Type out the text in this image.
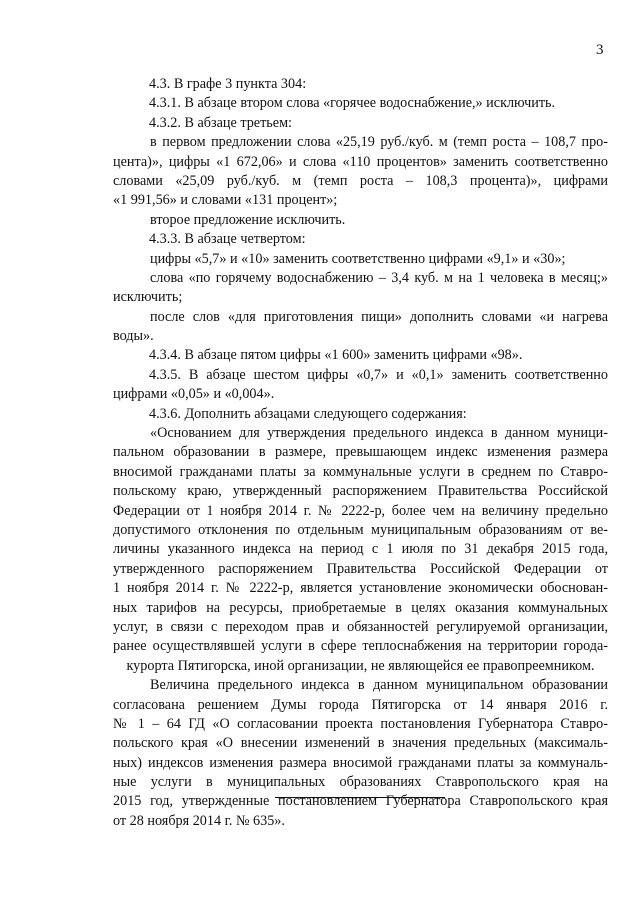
3
4.3. В графе 3 пункта 304:
4.3.1. В абзаце втором слова «горячее водоснабжение,» исключить.
4.3.2. В абзаце третьем:
в первом предложении слова «25,19 руб./куб. м (темп роста – 108,7 про-
цента)», цифры «1 672,06» и слова «110 процентов» заменить соответственно
словами «25,09 руб./куб. м (темп роста – 108,3 процента)», цифрами
«1 991,56» и словами «131 процент»;
второе предложение исключить.
4.3.3. В абзаце четвертом:
цифры «5,7» и «10» заменить соответственно цифрами «9,1» и «30»;
слова «по горячему водоснабжению – 3,4 куб. м на 1 человека в месяц;»
исключить;
после слов «для приготовления пищи» дополнить словами «и нагрева
воды».
4.3.4. В абзаце пятом цифры «1 600» заменить цифрами «98».
4.3.5. В абзаце шестом цифры «0,7» и «0,1» заменить соответственно
цифрами «0,05» и «0,004».
4.3.6. Дополнить абзацами следующего содержания:
«Основанием для утверждения предельного индекса в данном муници-
пальном образовании в размере, превышающем индекс изменения размера
вносимой гражданами платы за коммунальные услуги в среднем по Ставро-
польскому краю, утвержденный распоряжением Правительства Российской
Федерации от 1 ноября 2014 г. № 2222-р, более чем на величину предельно
допустимого отклонения по отдельным муниципальным образованиям от ве-
личины указанного индекса на период с 1 июля по 31 декабря 2015 года,
утвержденного распоряжением Правительства Российской Федерации от
1 ноября 2014 г. № 2222-р, является установление экономически обоснован-
ных тарифов на ресурсы, приобретаемые в целях оказания коммунальных
услуг, в связи с переходом прав и обязанностей регулируемой организации,
ранее осуществлявшей услуги в сфере теплоснабжения на территории города-
курорта Пятигорска, иной организации, не являющейся ее правопреемником.
Величина предельного индекса в данном муниципальном образовании
согласована решением Думы города Пятигорска от 14 января 2016 г.
№ 1 – 64 ГД «О согласовании проекта постановления Губернатора Ставро-
польского края «О внесении изменений в значения предельных (максималь-
ных) индексов изменения размера вносимой гражданами платы за коммуналь-
ные услуги в муниципальных образованиях Ставропольского края на
2015 год, утвержденные постановлением Губернатора Ставропольского края
от 28 ноября 2014 г. № 635».
